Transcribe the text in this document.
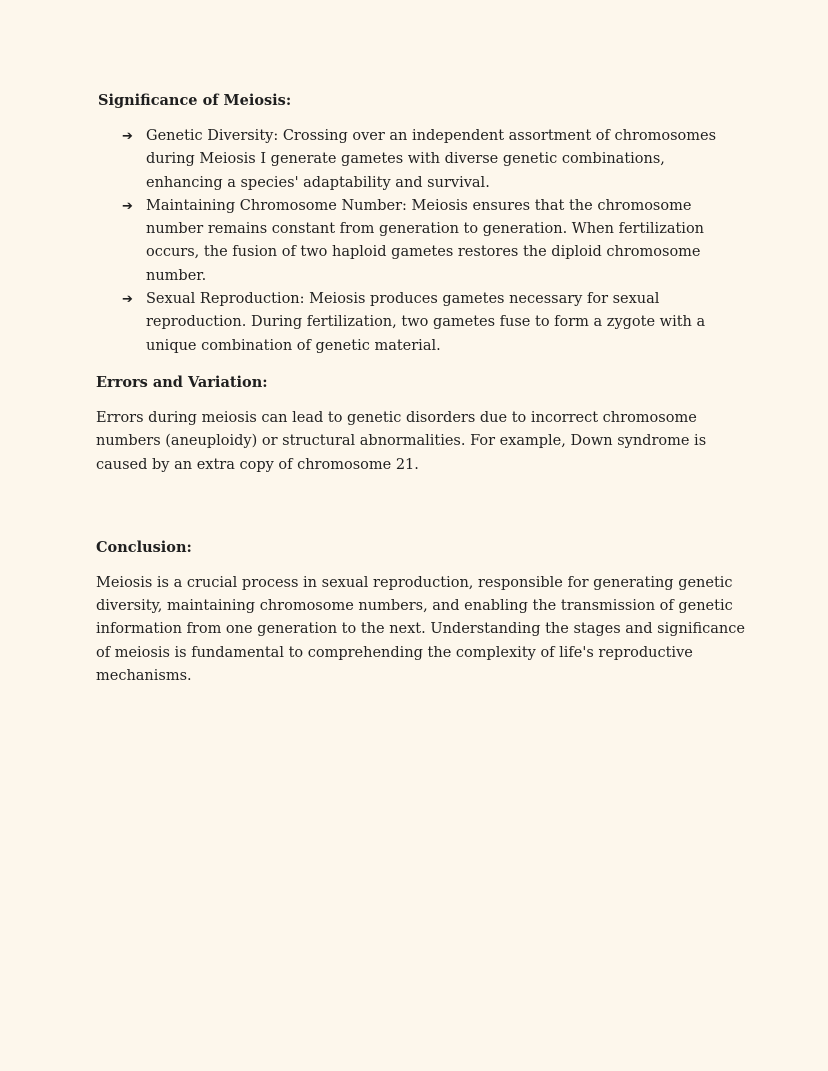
Significance of Meiosis:
➔ Genetic Diversity: Crossing over an independent assortment of chromosomes during Meiosis I generate gametes with diverse genetic combinations, enhancing a species' adaptability and survival.
➔ Maintaining Chromosome Number: Meiosis ensures that the chromosome number remains constant from generation to generation. When fertilization occurs, the fusion of two haploid gametes restores the diploid chromosome number.
➔ Sexual Reproduction: Meiosis produces gametes necessary for sexual reproduction. During fertilization, two gametes fuse to form a zygote with a unique combination of genetic material.
Errors and Variation:

Errors during meiosis can lead to genetic disorders due to incorrect chromosome numbers (aneuploidy) or structural abnormalities. For example, Down syndrome is caused by an extra copy of chromosome 21.

Conclusion:

Meiosis is a crucial process in sexual reproduction, responsible for generating genetic diversity, maintaining chromosome numbers, and enabling the transmission of genetic information from one generation to the next. Understanding the stages and significance of meiosis is fundamental to comprehending the complexity of life's reproductive mechanisms.
